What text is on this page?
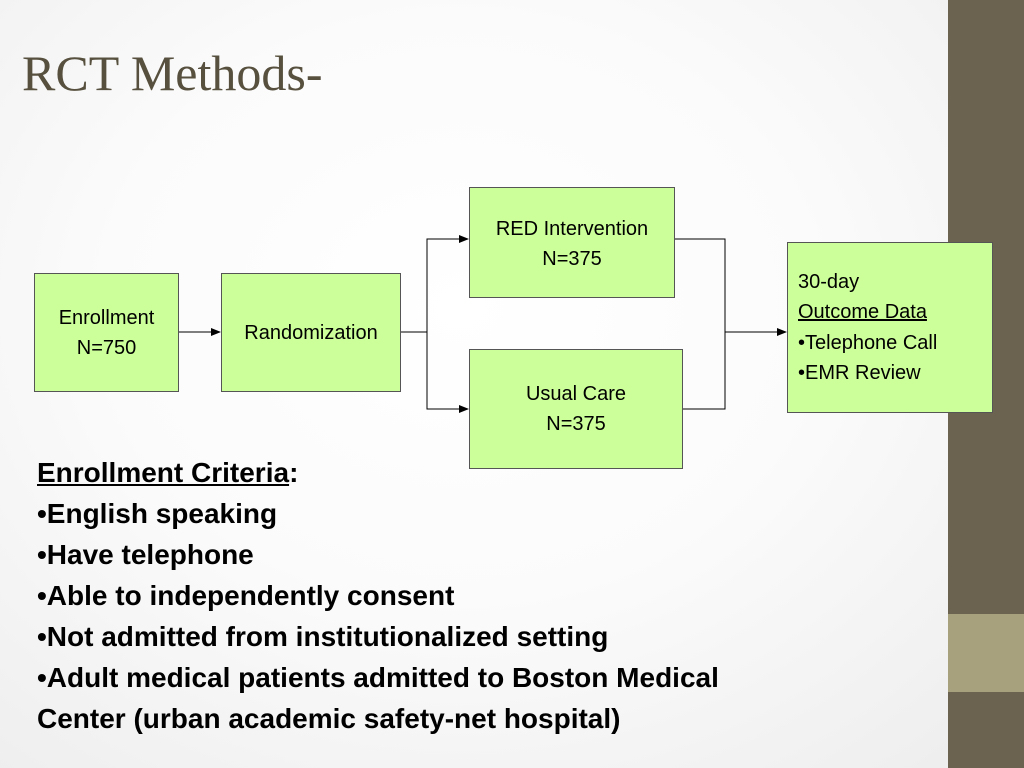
RCT Methods-
Enrollment
N=750
Randomization
RED Intervention
N=375
Usual Care
N=375
30-day
Outcome Data
•Telephone Call
•EMR Review
Enrollment Criteria:
•English speaking
•Have telephone
•Able to independently consent
•Not admitted from institutionalized setting
•Adult medical patients admitted to Boston Medical
Center (urban academic safety-net hospital)
